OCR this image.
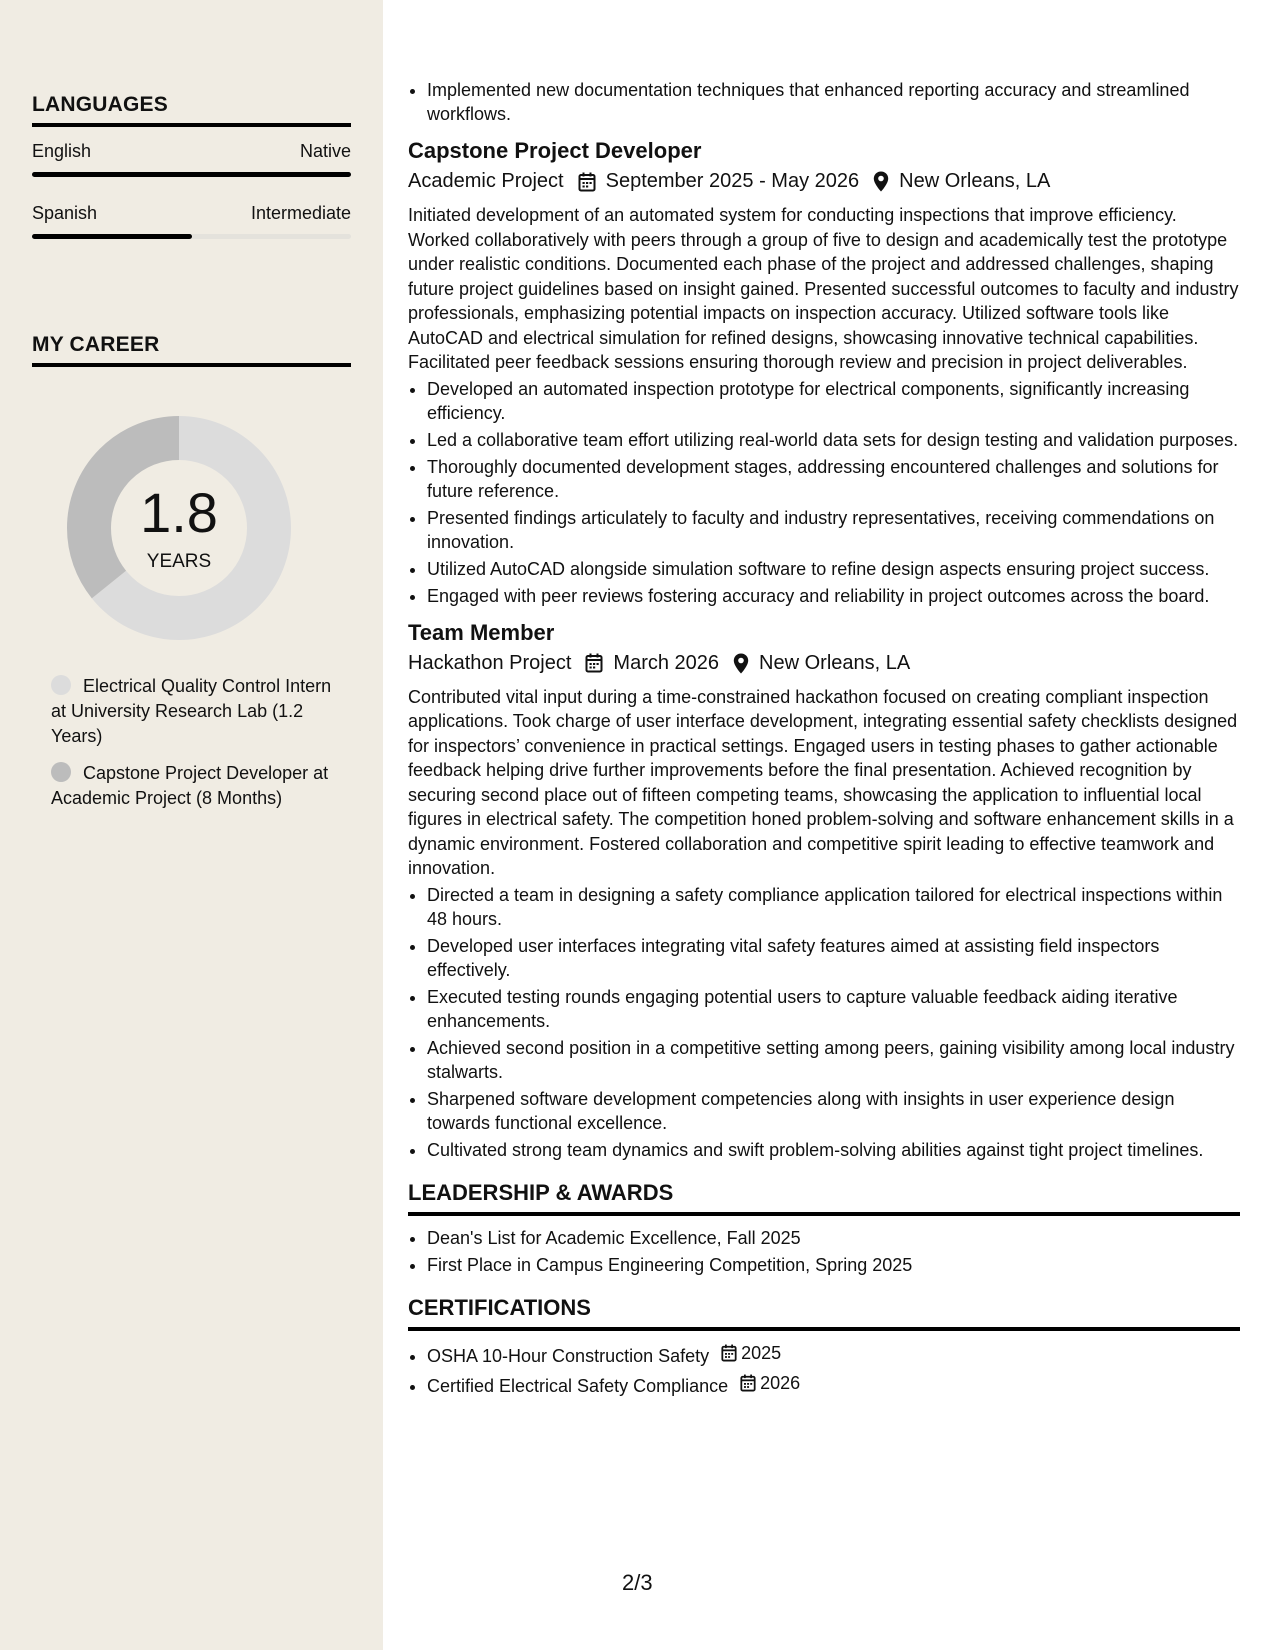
LANGUAGES
English	Native
Spanish	Intermediate
MY CAREER
1.8
YEARS
Electrical Quality Control Intern at University Research Lab (1.2 Years)
Capstone Project Developer at Academic Project (8 Months)
• Implemented new documentation techniques that enhanced reporting accuracy and streamlined workflows.
Capstone Project Developer
Academic Project September 2025 - May 2026 New Orleans, LA
Initiated development of an automated system for conducting inspections that improve efficiency. Worked collaboratively with peers through a group of five to design and academically test the prototype under realistic conditions. Documented each phase of the project and addressed challenges, shaping future project guidelines based on insight gained. Presented successful outcomes to faculty and industry professionals, emphasizing potential impacts on inspection accuracy. Utilized software tools like AutoCAD and electrical simulation for refined designs, showcasing innovative technical capabilities. Facilitated peer feedback sessions ensuring thorough review and precision in project deliverables.
• Developed an automated inspection prototype for electrical components, significantly increasing efficiency.
• Led a collaborative team effort utilizing real-world data sets for design testing and validation purposes.
• Thoroughly documented development stages, addressing encountered challenges and solutions for future reference.
• Presented findings articulately to faculty and industry representatives, receiving commendations on innovation.
• Utilized AutoCAD alongside simulation software to refine design aspects ensuring project success.
• Engaged with peer reviews fostering accuracy and reliability in project outcomes across the board.
Team Member
Hackathon Project March 2026 New Orleans, LA
Contributed vital input during a time-constrained hackathon focused on creating compliant inspection applications. Took charge of user interface development, integrating essential safety checklists designed for inspectors’ convenience in practical settings. Engaged users in testing phases to gather actionable feedback helping drive further improvements before the final presentation. Achieved recognition by securing second place out of fifteen competing teams, showcasing the application to influential local figures in electrical safety. The competition honed problem-solving and software enhancement skills in a dynamic environment. Fostered collaboration and competitive spirit leading to effective teamwork and innovation.
• Directed a team in designing a safety compliance application tailored for electrical inspections within 48 hours.
• Developed user interfaces integrating vital safety features aimed at assisting field inspectors effectively.
• Executed testing rounds engaging potential users to capture valuable feedback aiding iterative enhancements.
• Achieved second position in a competitive setting among peers, gaining visibility among local industry stalwarts.
• Sharpened software development competencies along with insights in user experience design towards functional excellence.
• Cultivated strong team dynamics and swift problem-solving abilities against tight project timelines.
LEADERSHIP & AWARDS
• Dean's List for Academic Excellence, Fall 2025
• First Place in Campus Engineering Competition, Spring 2025
CERTIFICATIONS
• OSHA 10-Hour Construction Safety 2025
• Certified Electrical Safety Compliance 2026
2/3
